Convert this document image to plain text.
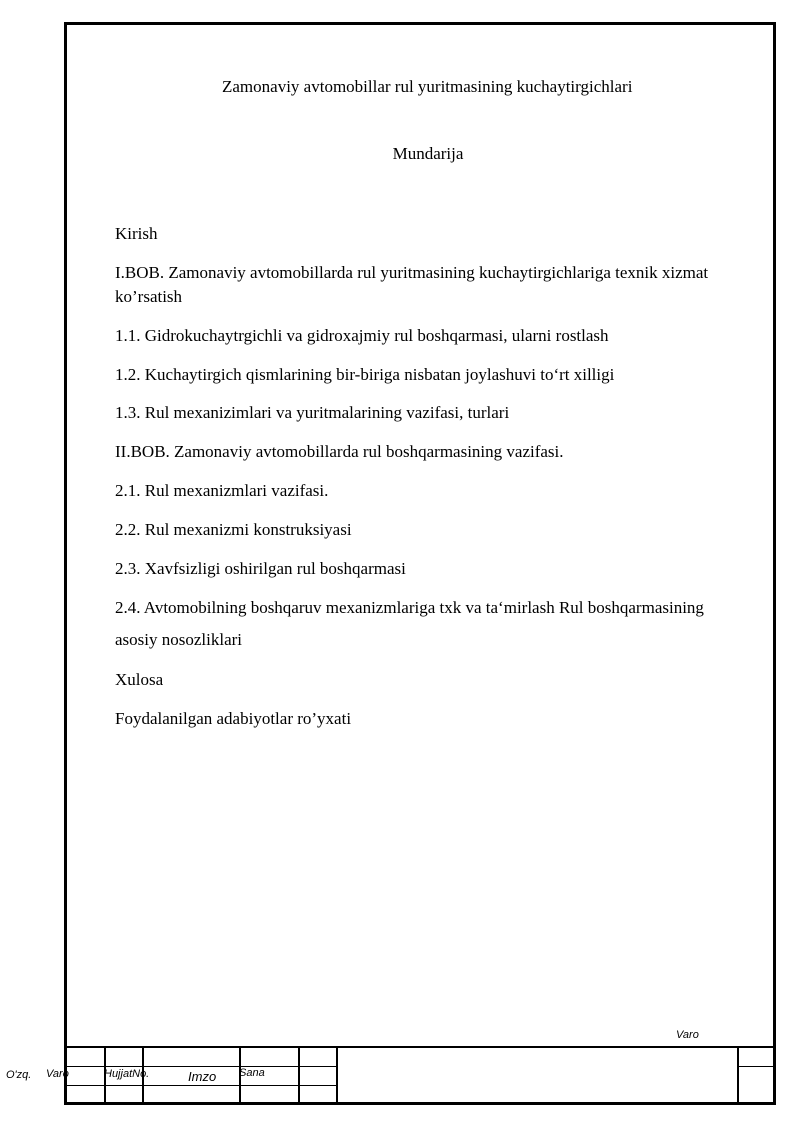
Zamonaviy avtomobillar rul yuritmasining kuchaytirgichlari
Mundarija
Kirish
I.BOB. Zamonaviy avtomobillarda rul yuritmasining kuchaytirgichlariga texnik xizmat ko’rsatish
1.1. Gidrokuchaytrgichli va gidroxajmiy rul boshqarmasi, ularni rostlash
1.2. Kuchaytirgich qismlarining bir-biriga nisbatan joylashuvi to‘rt xilligi
1.3. Rul mexanizimlari va yuritmalarining vazifasi, turlari
II.BOB. Zamonaviy avtomobillarda rul boshqarmasining vazifasi.
2.1. Rul mexanizmlari vazifasi.
2.2. Rul mexanizmi konstruksiyasi
2.3. Xavfsizligi oshirilgan rul boshqarmasi
2.4. Avtomobilning boshqaruv mexanizmlariga txk va ta‘mirlash Rul boshqarmasining asosiy nosozliklari
Xulosa
Foydalanilgan adabiyotlar ro’yxati
Varo
O'zq. Varo	HujjatNo.	Imzo Sana
